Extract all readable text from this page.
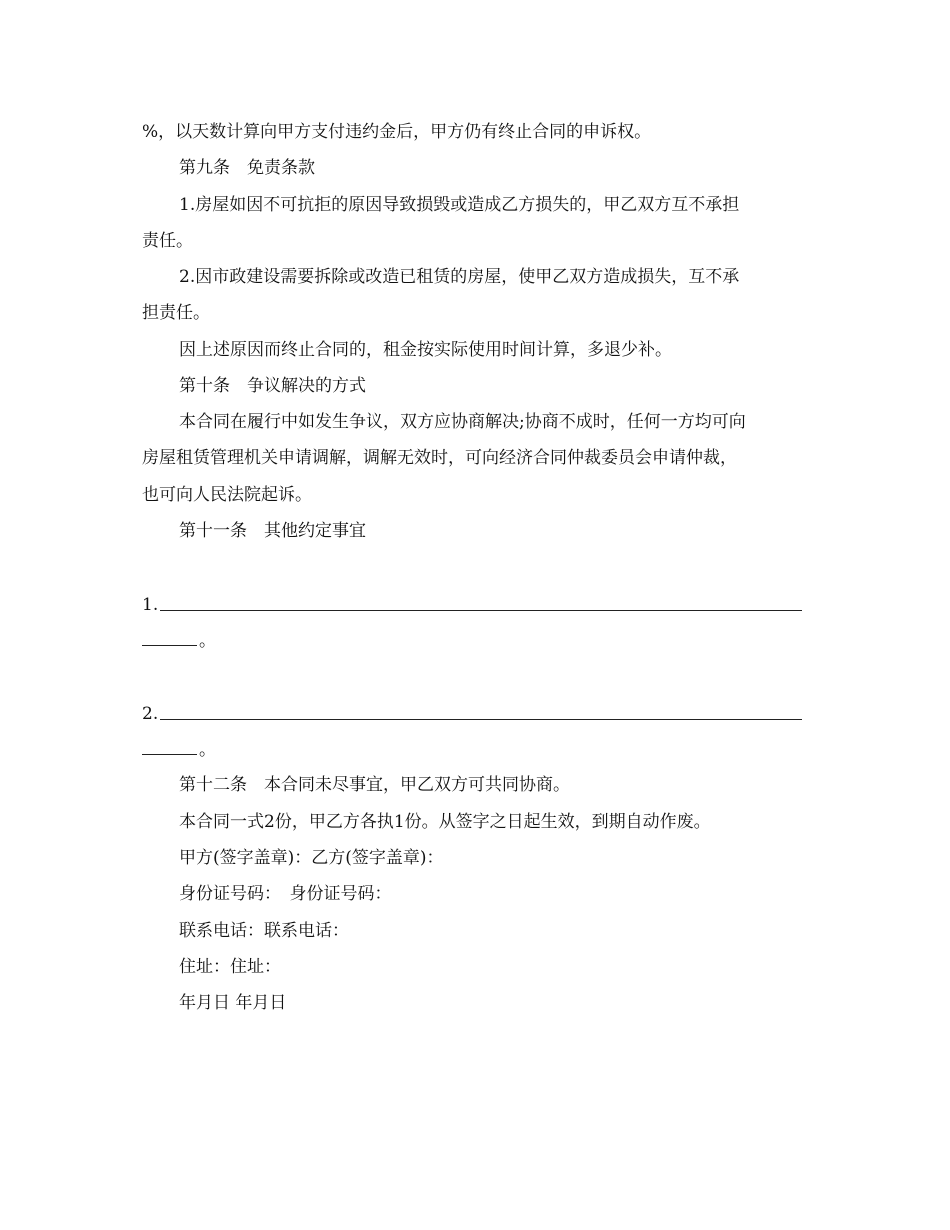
%，以天数计算向甲方支付违约金后，甲方仍有终止合同的申诉权。
第九条　免责条款
1.房屋如因不可抗拒的原因导致损毁或造成乙方损失的，甲乙双方互不承担
责任。
2.因市政建设需要拆除或改造已租赁的房屋，使甲乙双方造成损失，互不承
担责任。
因上述原因而终止合同的，租金按实际使用时间计算，多退少补。
第十条　争议解决的方式
本合同在履行中如发生争议，双方应协商解决;协商不成时，任何一方均可向
房屋租赁管理机关申请调解，调解无效时，可向经济合同仲裁委员会申请仲裁，
也可向人民法院起诉。
第十一条　其他约定事宜
1.
。
2.
。
第十二条　本合同未尽事宜，甲乙双方可共同协商。
本合同一式2份，甲乙方各执1份。从签字之日起生效，到期自动作废。
甲方(签字盖章)：乙方(签字盖章)：
身份证号码：　身份证号码：
联系电话：联系电话：
住址：住址：
年月日 年月日
